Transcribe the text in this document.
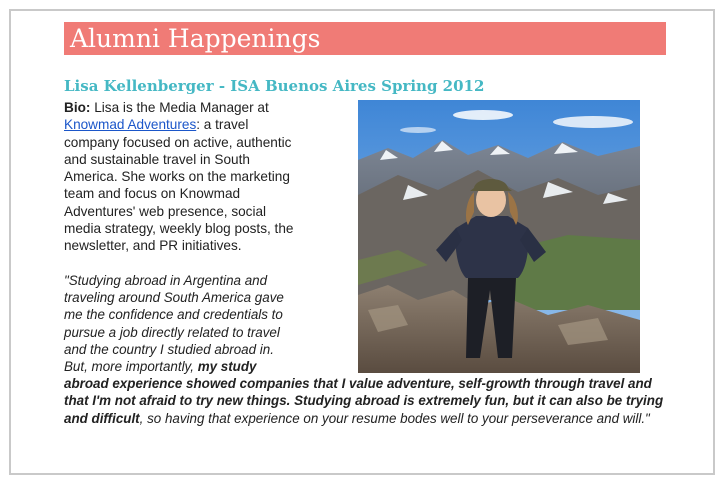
Alumni Happenings
Lisa Kellenberger - ISA Buenos Aires Spring 2012

Bio: Lisa is the Media Manager at Knowmad Adventures: a travel company focused on active, authentic and sustainable travel in South America. She works on the marketing team and focus on Knowmad Adventures' web presence, social media strategy, weekly blog posts, the newsletter, and PR initiatives.

"Studying abroad in Argentina and traveling around South America gave me the confidence and credentials to pursue a job directly related to travel and the country I studied abroad in. But, more importantly, my study abroad experience showed companies that I value adventure, self-growth through travel and that I'm not afraid to try new things. Studying abroad is extremely fun, but it can also be trying and difficult, so having that experience on your resume bodes well to your perseverance and will."
